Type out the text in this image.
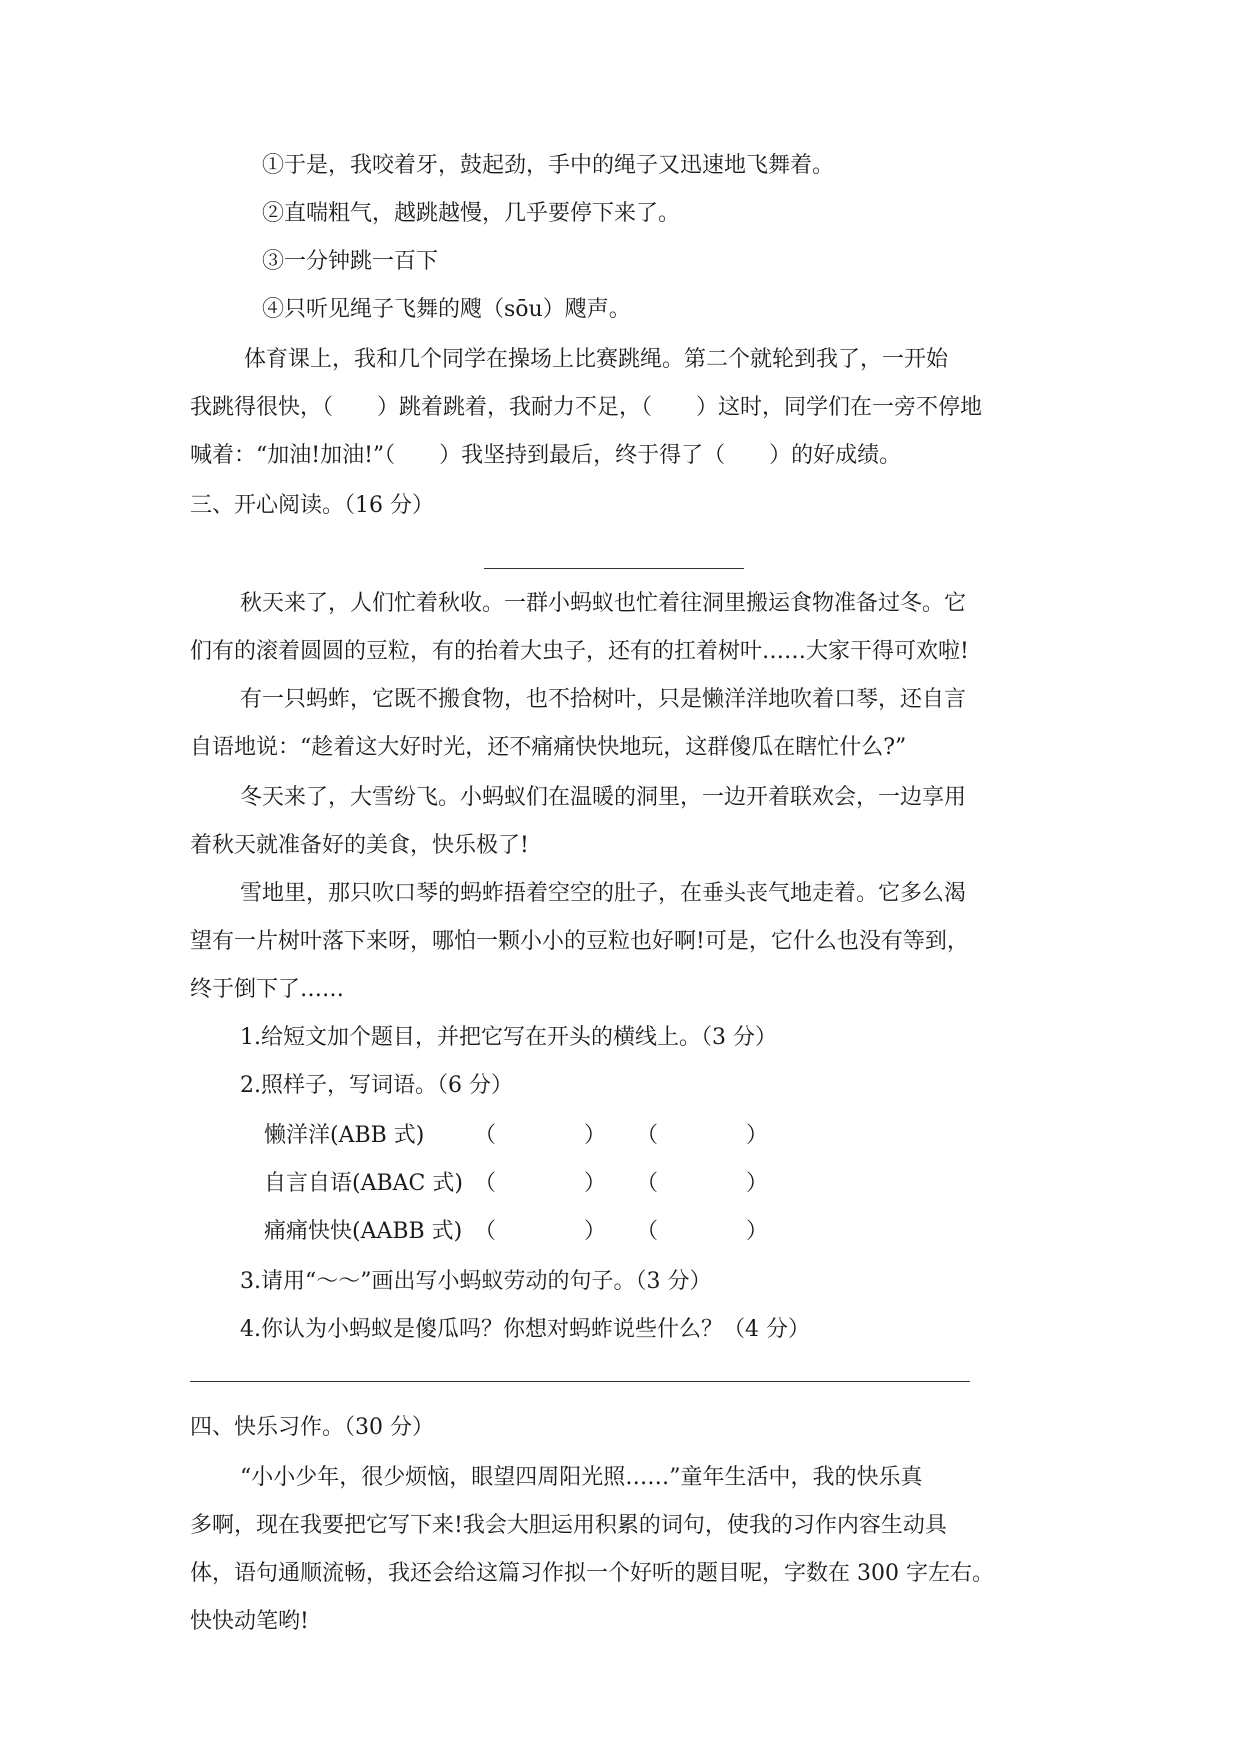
①于是，我咬着牙，鼓起劲，手中的绳子又迅速地飞舞着。
②直喘粗气，越跳越慢，几乎要停下来了。
③一分钟跳一百下
④只听见绳子飞舞的飕（sōu）飕声。
体育课上，我和几个同学在操场上比赛跳绳。第二个就轮到我了，一开始
我跳得很快，（　　）跳着跳着，我耐力不足，（　　）这时，同学们在一旁不停地
喊着：“加油!加油!”（　　）我坚持到最后，终于得了（　　）的好成绩。
三、开心阅读。（16 分）
秋天来了，人们忙着秋收。一群小蚂蚁也忙着往洞里搬运食物准备过冬。它
们有的滚着圆圆的豆粒，有的抬着大虫子，还有的扛着树叶……大家干得可欢啦!
有一只蚂蚱，它既不搬食物，也不拾树叶，只是懒洋洋地吹着口琴，还自言
自语地说：“趁着这大好时光，还不痛痛快快地玩，这群傻瓜在瞎忙什么?”
冬天来了，大雪纷飞。小蚂蚁们在温暖的洞里，一边开着联欢会，一边享用
着秋天就准备好的美食，快乐极了!
雪地里，那只吹口琴的蚂蚱捂着空空的肚子，在垂头丧气地走着。它多么渴
望有一片树叶落下来呀，哪怕一颗小小的豆粒也好啊!可是，它什么也没有等到，
终于倒下了……
1.给短文加个题目，并把它写在开头的横线上。（3 分）
2.照样子，写词语。（6 分）
懒洋洋(ABB 式) （　　　　） （　　　　）
自言自语(ABAC 式) （　　　　） （　　　　）
痛痛快快(AABB 式) （　　　　） （　　　　）
3.请用“～～”画出写小蚂蚁劳动的句子。（3 分）
4.你认为小蚂蚁是傻瓜吗？你想对蚂蚱说些什么？（4 分）
四、快乐习作。（30 分）
“小小少年，很少烦恼，眼望四周阳光照……”童年生活中，我的快乐真
多啊，现在我要把它写下来!我会大胆运用积累的词句，使我的习作内容生动具
体，语句通顺流畅，我还会给这篇习作拟一个好听的题目呢，字数在 300 字左右。
快快动笔哟!
